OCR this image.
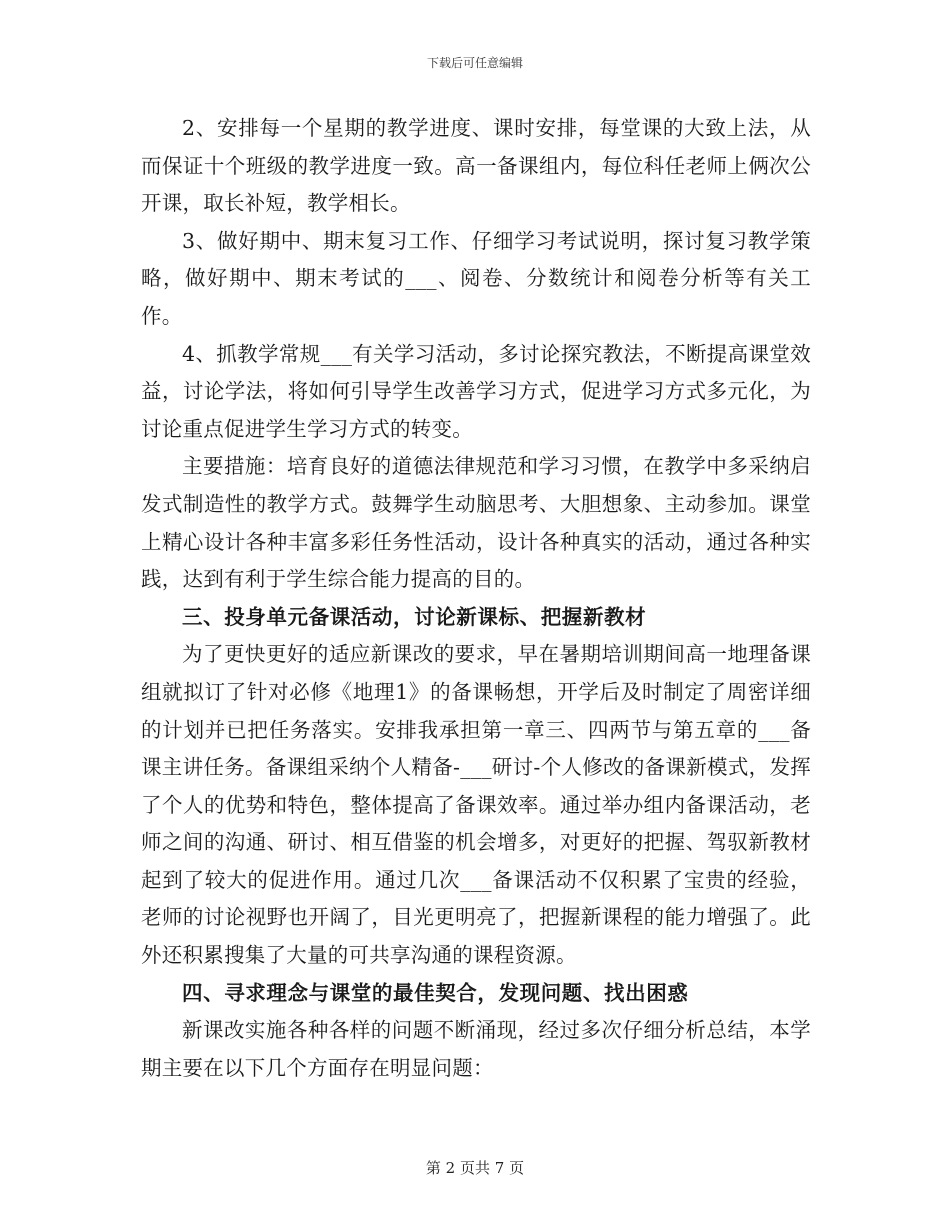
下载后可任意编辑

2、安排每一个星期的教学进度、课时安排，每堂课的大致上法，从而保证十个班级的教学进度一致。高一备课组内，每位科任老师上俩次公开课，取长补短，教学相长。

3、做好期中、期末复习工作、仔细学习考试说明，探讨复习教学策略，做好期中、期末考试的___、阅卷、分数统计和阅卷分析等有关工作。

4、抓教学常规___有关学习活动，多讨论探究教法，不断提高课堂效益，讨论学法，将如何引导学生改善学习方式，促进学习方式多元化，为讨论重点促进学生学习方式的转变。

主要措施：培育良好的道德法律规范和学习习惯，在教学中多采纳启发式制造性的教学方式。鼓舞学生动脑思考、大胆想象、主动参加。课堂上精心设计各种丰富多彩任务性活动，设计各种真实的活动，通过各种实践，达到有利于学生综合能力提高的目的。

三、投身单元备课活动，讨论新课标、把握新教材

为了更快更好的适应新课改的要求，早在暑期培训期间高一地理备课组就拟订了针对必修《地理1》的备课畅想，开学后及时制定了周密详细的计划并已把任务落实。安排我承担第一章三、四两节与第五章的___备课主讲任务。备课组采纳个人精备-___研讨-个人修改的备课新模式，发挥了个人的优势和特色，整体提高了备课效率。通过举办组内备课活动，老师之间的沟通、研讨、相互借鉴的机会增多，对更好的把握、驾驭新教材起到了较大的促进作用。通过几次___备课活动不仅积累了宝贵的经验，老师的讨论视野也开阔了，目光更明亮了，把握新课程的能力增强了。此外还积累搜集了大量的可共享沟通的课程资源。

四、寻求理念与课堂的最佳契合，发现问题、找出困惑

新课改实施各种各样的问题不断涌现，经过多次仔细分析总结，本学期主要在以下几个方面存在明显问题：

第 2 页共 7 页
